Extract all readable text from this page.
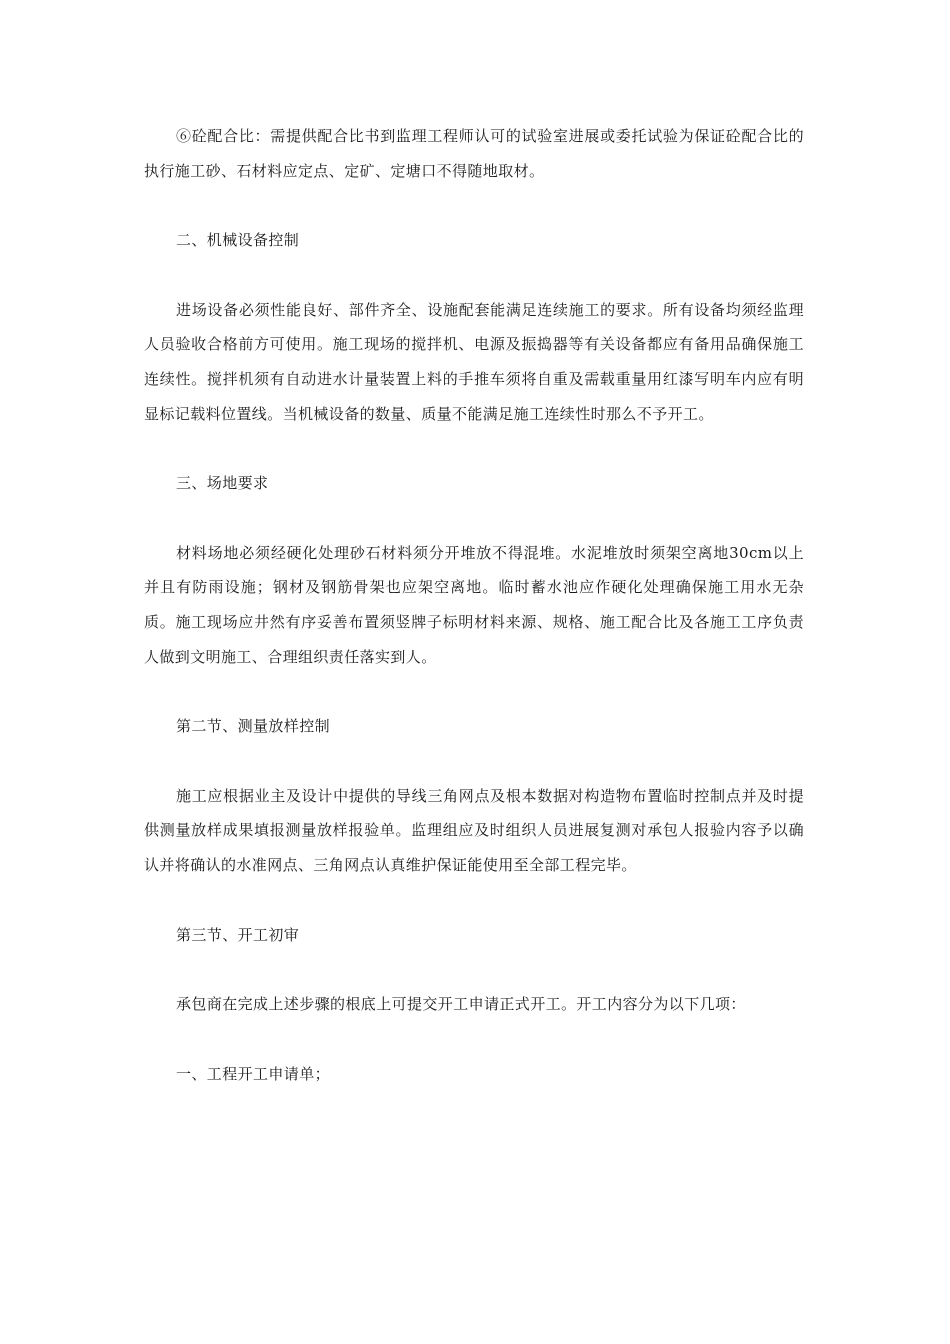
⑥砼配合比：需提供配合比书到监理工程师认可的试验室进展或委托试验为保证砼配合比的执行施工砂、石材料应定点、定矿、定塘口不得随地取材。

二、机械设备控制

进场设备必须性能良好、部件齐全、设施配套能满足连续施工的要求。所有设备均须经监理人员验收合格前方可使用。施工现场的搅拌机、电源及振捣器等有关设备都应有备用品确保施工连续性。搅拌机须有自动进水计量装置上料的手推车须将自重及需载重量用红漆写明车内应有明显标记载料位置线。当机械设备的数量、质量不能满足施工连续性时那么不予开工。

三、场地要求

材料场地必须经硬化处理砂石材料须分开堆放不得混堆。水泥堆放时须架空离地30cm以上并且有防雨设施；钢材及钢筋骨架也应架空离地。临时蓄水池应作硬化处理确保施工用水无杂质。施工现场应井然有序妥善布置须竖牌子标明材料来源、规格、施工配合比及各施工工序负责人做到文明施工、合理组织责任落实到人。

第二节、测量放样控制

施工应根据业主及设计中提供的导线三角网点及根本数据对构造物布置临时控制点并及时提供测量放样成果填报测量放样报验单。监理组应及时组织人员进展复测对承包人报验内容予以确认并将确认的水准网点、三角网点认真维护保证能使用至全部工程完毕。

第三节、开工初审

承包商在完成上述步骤的根底上可提交开工申请正式开工。开工内容分为以下几项：

一、工程开工申请单；
